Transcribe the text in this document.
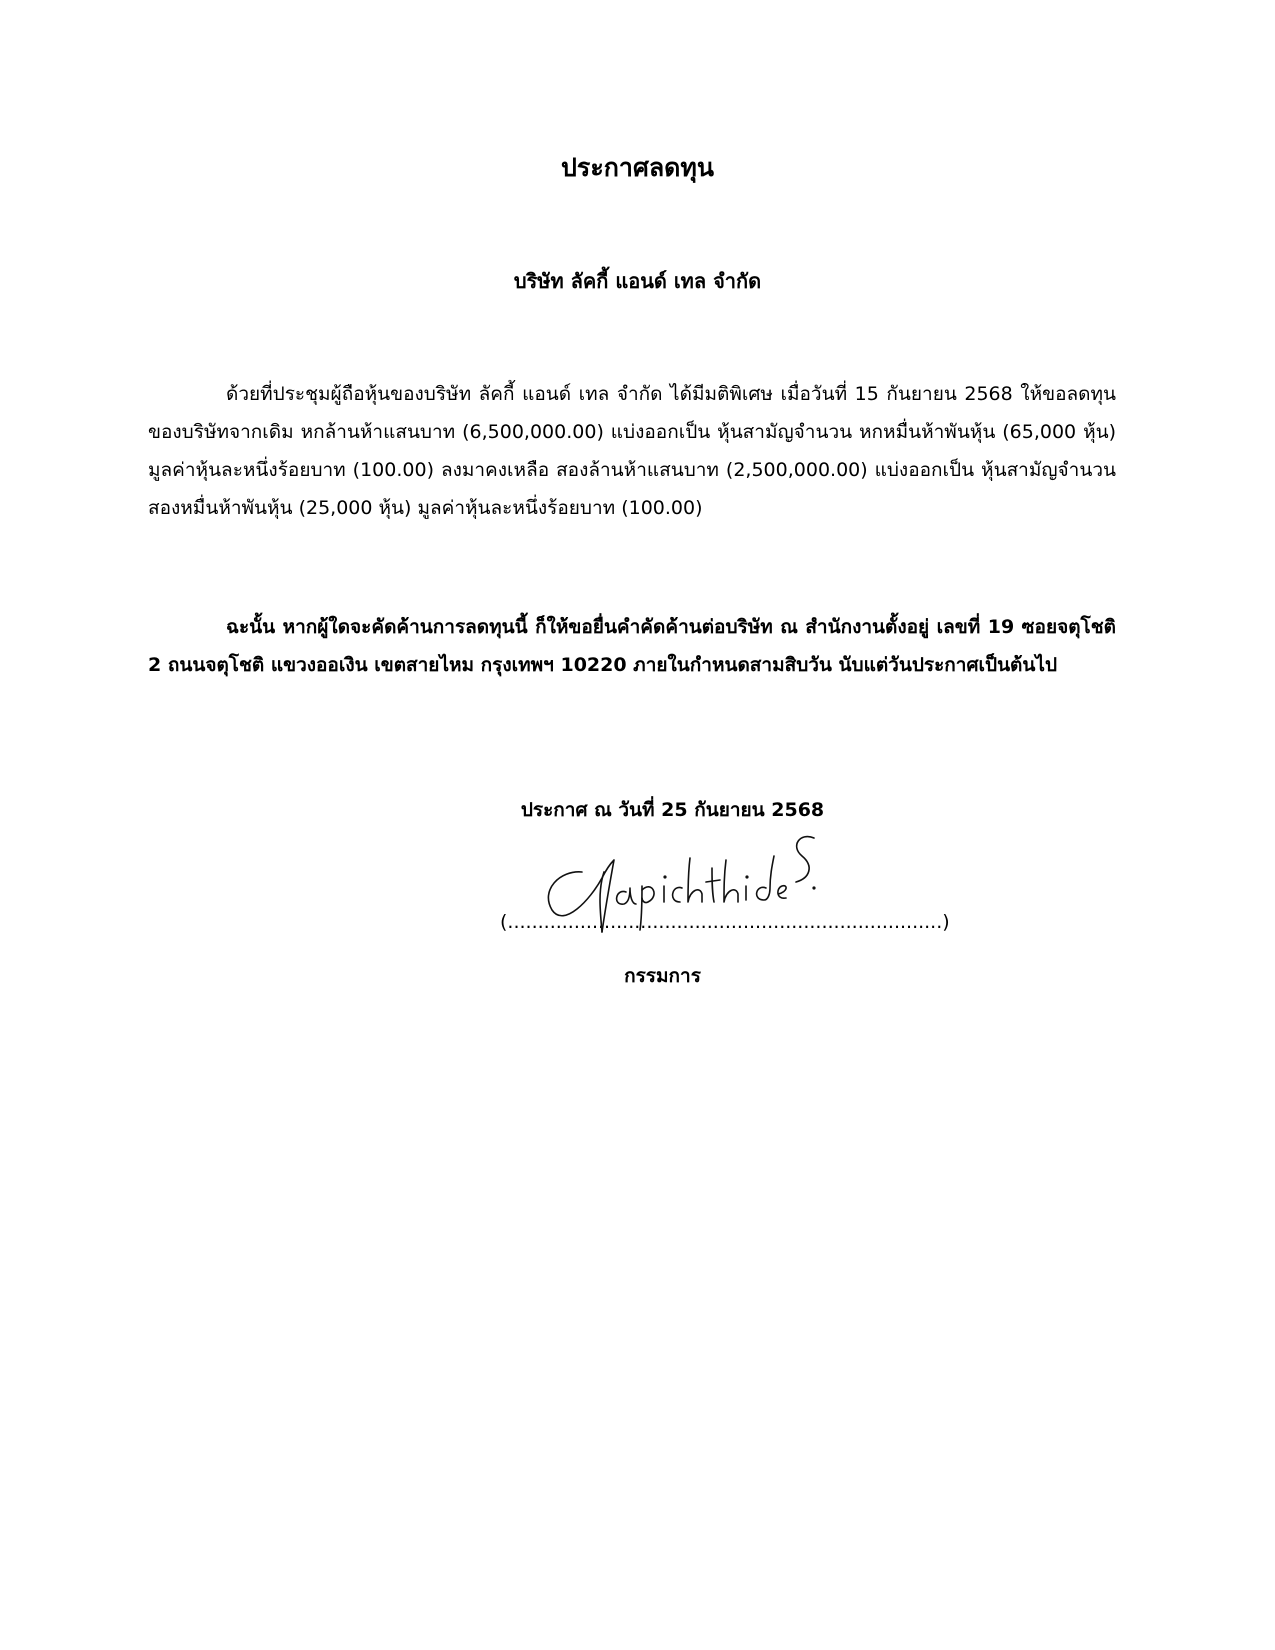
ประกาศลดทุน
บริษัท ลัคกี้ แอนด์ เทล จำกัด

ด้วยที่ประชุมผู้ถือหุ้นของบริษัท ลัคกี้ แอนด์ เทล จำกัด ได้มีมติพิเศษ เมื่อวันที่ 15 กันยายน 2568 ให้ขอลดทุนของบริษัทจากเดิม หกล้านห้าแสนบาท (6,500,000.00) แบ่งออกเป็น หุ้นสามัญจำนวน หกหมื่นห้าพันหุ้น (65,000 หุ้น) มูลค่าหุ้นละหนึ่งร้อยบาท (100.00) ลงมาคงเหลือ สองล้านห้าแสนบาท (2,500,000.00) แบ่งออกเป็น หุ้นสามัญจำนวน สองหมื่นห้าพันหุ้น (25,000 หุ้น) มูลค่าหุ้นละหนึ่งร้อยบาท (100.00)

ฉะนั้น หากผู้ใดจะคัดค้านการลดทุนนี้ ก็ให้ขอยื่นคำคัดค้านต่อบริษัท ณ สำนักงานตั้งอยู่ เลขที่ 19 ซอยจตุโชติ 2 ถนนจตุโชติ แขวงออเงิน เขตสายไหม กรุงเทพฯ 10220 ภายในกำหนดสามสิบวัน นับแต่วันประกาศเป็นต้นไป

ประกาศ ณ วันที่ 25 กันยายน 2568
(........................................................................)
กรรมการ
